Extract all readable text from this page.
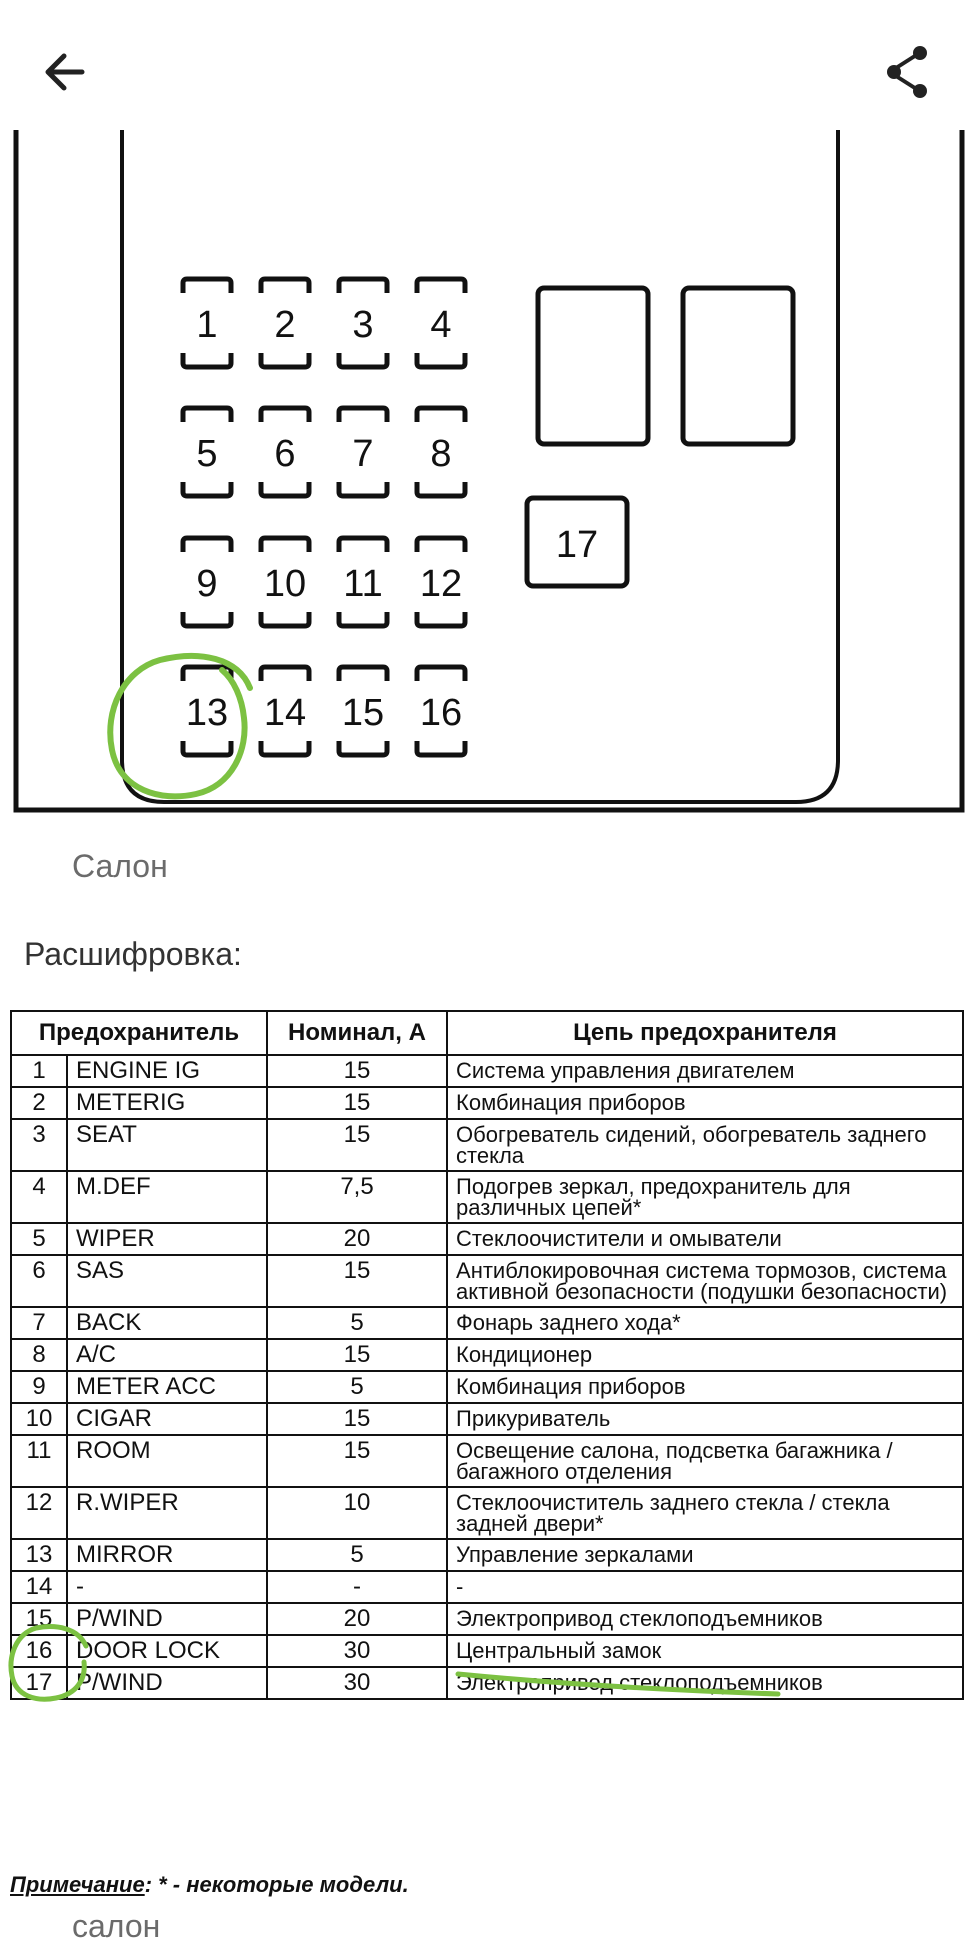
17
1 2 3 4
5 6 7 8
9 10 11 12
13 14 15 16
Салон
Расшифровка:
Предохранитель		Номинал, А	Цепь предохранителя
1	ENGINE IG	15	Система управления двигателем
2	METERIG	15	Комбинация приборов
3	SEAT	15	Обогреватель сидений, обогреватель заднего стекла
4	M.DEF	7,5	Подогрев зеркал, предохранитель для различных цепей*
5	WIPER	20	Стеклоочистители и омыватели
6	SAS	15	Антиблокировочная система тормозов, система активной безопасности (подушки безопасности)
7	BACK	5	Фонарь заднего хода*
8	A/C	15	Кондиционер
9	METER ACC	5	Комбинация приборов
10	CIGAR	15	Прикуриватель
11	ROOM	15	Освещение салона, подсветка багажника / багажного отделения
12	R.WIPER	10	Стеклоочиститель заднего стекла / стекла задней двери*
13	MIRROR	5	Управление зеркалами
14	-	-	-
15	P/WIND	20	Электропривод стеклоподъемников
16	DOOR LOCK	30	Центральный замок
17	P/WIND	30	Электропривод стеклоподъемников
Примечание: * - некоторые модели.
салон
